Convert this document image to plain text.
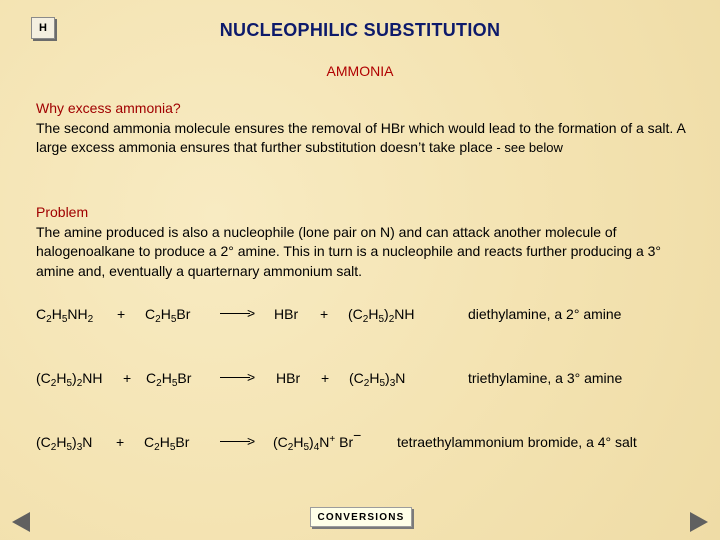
H	NUCLEOPHILIC SUBSTITUTION
AMMONIA
Why excess ammonia?
The second ammonia molecule ensures the removal of HBr which would lead to the formation of a salt. A large excess ammonia ensures that further substitution doesn’t take place - see below
Problem
The amine produced is also a nucleophile (lone pair on N) and can attack another molecule of halogenoalkane to produce a 2° amine. This in turn is a nucleophile and reacts further producing a 3° amine and, eventually a quarternary ammonium salt.
$C_2H_5NH_2 + C_2H_5Br$	> HBr + $(C_2H_5)_2NH$	diethylamine, a 2° amine
$(C_2H_5)_2NH + C_2H_5Br$	> HBr + $(C_2H_5)_3N$	triethylamine, a 3° amine
$(C_2H_5)_3N + C_2H_5Br$	> $(C_2H_5)_4N^+$ Br−	tetraethylammonium bromide, a 4° salt
CONVERSIONS
